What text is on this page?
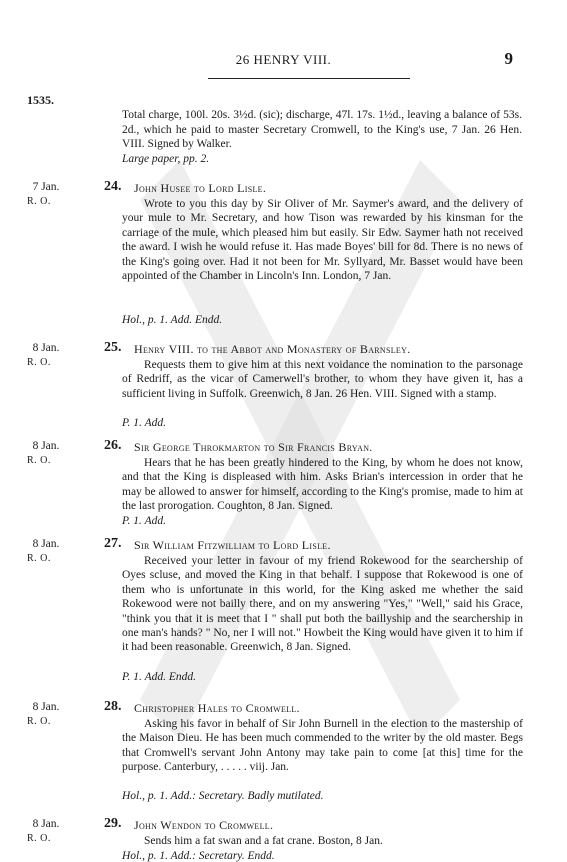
26 HENRY VIII.	9
1535.
Total charge, 100l. 20s. 3½d. (sic); discharge, 47l. 17s. 1½d., leaving a balance of 53s. 2d., which he paid to master Secretary Cromwell, to the King's use, 7 Jan. 26 Hen. VIII. Signed by Walker.
Large paper, pp. 2.
7 Jan.
R. O.
24. John Husee to Lord Lisle.
Wrote to you this day by Sir Oliver of Mr. Saymer's award, and the delivery of your mule to Mr. Secretary, and how Tison was rewarded by his kinsman for the carriage of the mule, which pleased him but easily. Sir Edw. Saymer hath not received the award. I wish he would refuse it. Has made Boyes' bill for 8d. There is no news of the King's going over. Had it not been for Mr. Syllyard, Mr. Basset would have been appointed of the Chamber in Lincoln's Inn. London, 7 Jan.
Hol., p. 1. Add. Endd.
8 Jan.
R. O.
25. Henry VIII. to the Abbot and Monastery of Barnsley.
Requests them to give him at this next voidance the nomination to the parsonage of Redriff, as the vicar of Camerwell's brother, to whom they have given it, has a sufficient living in Suffolk. Greenwich, 8 Jan. 26 Hen. VIII. Signed with a stamp.
P. 1. Add.
8 Jan.
R. O.
26. Sir George Throkmarton to Sir Francis Bryan.
Hears that he has been greatly hindered to the King, by whom he does not know, and that the King is displeased with him. Asks Brian's intercession in order that he may be allowed to answer for himself, according to the King's promise, made to him at the last prorogation. Coughton, 8 Jan. Signed.
P. 1. Add.
8 Jan.
R. O.
27. Sir William Fitzwilliam to Lord Lisle.
Received your letter in favour of my friend Rokewood for the searchership of Oyes scluse, and moved the King in that behalf. I suppose that Rokewood is one of them who is unfortunate in this world, for the King asked me whether the said Rokewood were not bailly there, and on my answering "Yes," "Well," said his Grace, "think you that it is meet that I " shall put both the baillyship and the searchership in one man's hands? " No, ner I will not." Howbeit the King would have given it to him if it had been reasonable. Greenwich, 8 Jan. Signed.
P. 1. Add. Endd.
8 Jan.
R. O.
28. Christopher Hales to Cromwell.
Asking his favor in behalf of Sir John Burnell in the election to the mastership of the Maison Dieu. He has been much commended to the writer by the old master. Begs that Cromwell's servant John Antony may take pain to come [at this] time for the purpose. Canterbury, . . . . . viij. Jan.
Hol., p. 1. Add.: Secretary. Badly mutilated.
8 Jan.
R. O.
29. John Wendon to Cromwell.
Sends him a fat swan and a fat crane. Boston, 8 Jan.
Hol., p. 1. Add.: Secretary. Endd.
